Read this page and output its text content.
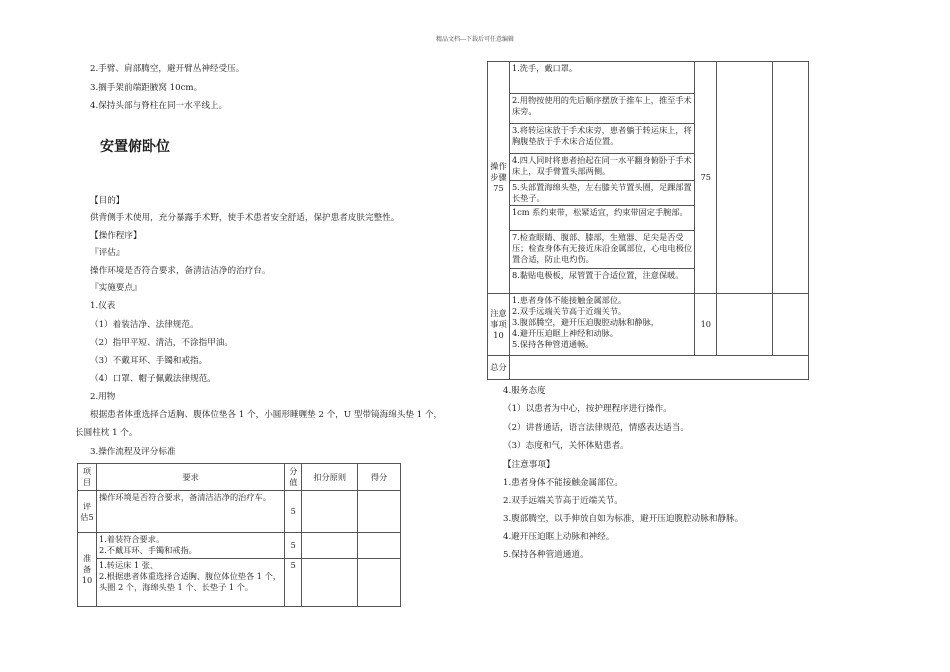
精品文档---下载后可任意编辑
2.手臂、肩部腾空，避开臂丛神经受压。
3.搁手架前端距腋窝 10cm。
4.保持头部与脊柱在同一水平线上。
安置俯卧位
【目的】
供背侧手术使用，充分暴露手术野，使手术患者安全舒适，保护患者皮肤完整性。
【操作程序】
『评估』
操作环境是否符合要求，备清洁洁净的治疗台。
『实施要点』
1.仪表
（1）着装洁净、法律规范。
（2）指甲平短、清洁，不涂指甲油。
（3）不戴耳环、手镯和戒指。
（4）口罩、帽子佩戴法律规范。
2.用物
根据患者体重选择合适胸、腹体位垫各 1 个，小圆形睡喱垫 2 个，U 型带镜海绵头垫 1 个，
长圆柱枕 1 个。
3.操作流程及评分标准
项目	要求	分值	扣分原则	得分
评估5	操作环境是否符合要求，备清洁洁净的治疗车。	5		
准备10	1.着装符合要求。
2.不戴耳环、手镯和戒指。	5		
	1.转运床 1 张、
2.根据患者体重选择合适胸、腹位体位垫各 1 个，头圈 2 个，海绵头垫 1 个、长垫子 1 个。	5		
操作步骤75	1.洗手，戴口罩。	75		
	2.用物按使用的先后顺序摆放于推车上，推至手术床旁。			
	3.将转运床放于手术床旁，患者躺于转运床上，将胸腹垫放于手术床合适位置。			
	4.四人同时将患者抬起在同一水平翻身俯卧于手术床上，双手臂置头部两侧。			
	5.头部置海绵头垫，左右膝关节置头圈，足踝部置长垫子。			
	1cm 系约束带，松紧适宜，约束带固定手腕部。			
	7.检查眼睛、腹部、膝部，生殖器、足尖是否受压；检查身体有无接近床沿金属部位，心电电极位置合适，防止电灼伤。			
	8.黏贴电极板，尿管置于合适位置，注意保暖。			
注意事项10	1.患者身体不能接触金属部位。
2.双手远端关节高于近端关节。
3.腹部腾空，避开压迫腹腔动脉和静脉，
4.避开压迫眶上神经和动脉。
5.保持各种管道通畅。	10		
总分				
4.服务态度
（1）以患者为中心，按护理程序进行操作。
（2）讲普通话，语言法律规范，情感表达适当。
（3）态度和气，关怀体贴患者。
【注意事项】
1.患者身体不能接触金属部位。
2.双手远端关节高于近端关节。
3.腹部腾空，以手伸放自如为标准，避开压迫腹腔动脉和静脉。
4.避开压迫眶上动脉和神经。
5.保持各种管道通道。
